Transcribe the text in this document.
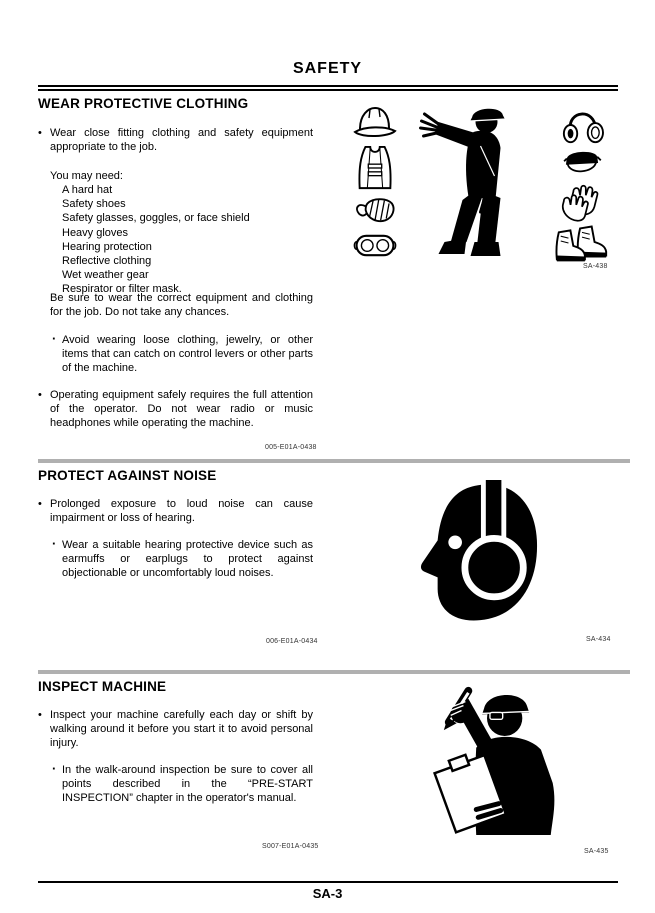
SAFETY
WEAR PROTECTIVE CLOTHING
• Wear close fitting clothing and safety equipment appropriate to the job.
You may need:
A hard hat
Safety shoes
Safety glasses, goggles, or face shield
Heavy gloves
Hearing protection
Reflective clothing
Wet weather gear
Respirator or filter mask.
Be sure to wear the correct equipment and clothing for the job. Do not take any chances.
· Avoid wearing loose clothing, jewelry, or other items that can catch on control levers or other parts of the machine.
• Operating equipment safely requires the full attention of the operator. Do not wear radio or music headphones while operating the machine.
SA-438
005-E01A-0438
PROTECT AGAINST NOISE
• Prolonged exposure to loud noise can cause impairment or loss of hearing.
· Wear a suitable hearing protective device such as earmuffs or earplugs to protect against objectionable or uncomfortably loud noises.
006-E01A-0434	SA-434
INSPECT MACHINE
• Inspect your machine carefully each day or shift by walking around it before you start it to avoid personal injury.
· In the walk-around inspection be sure to cover all points described in the “PRE-START INSPECTION” chapter in the operator's manual.
S007-E01A-0435
SA-435
SA-3
